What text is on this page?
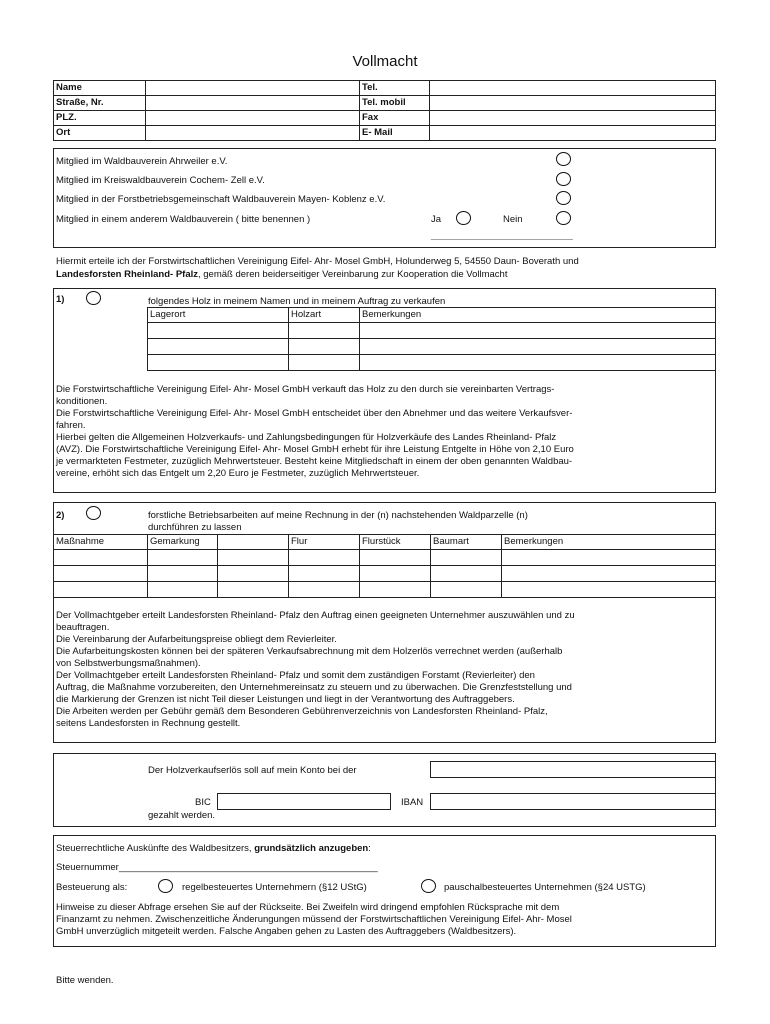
Vollmacht
Name		Tel.	
Straße, Nr.		Tel. mobil	
PLZ.		Fax	
Ort		E- Mail	
Mitglied im Waldbauverein Ahrweiler e.V.
Mitglied im Kreiswaldbauverein Cochem- Zell e.V.
Mitglied in der Forstbetriebsgemeinschaft Waldbauverein Mayen- Koblenz e.V.
Mitglied in einem anderem Waldbauverein ( bitte benennen )	Ja	Nein
______________________________
Hiermit erteile ich der Forstwirtschaftlichen Vereinigung Eifel- Ahr- Mosel GmbH, Holunderweg 5, 54550 Daun- Boverath und
Landesforsten Rheinland- Pfalz, gemäß deren beiderseitiger Vereinbarung zur Kooperation die Vollmacht
1)	folgendes Holz in meinem Namen und in meinem Auftrag zu verkaufen
Lagerort	Holzart	Bemerkungen

Die Forstwirtschaftliche Vereinigung Eifel- Ahr- Mosel GmbH verkauft das Holz zu den durch sie vereinbarten Vertrags-
konditionen.
Die Forstwirtschaftliche Vereinigung Eifel- Ahr- Mosel GmbH entscheidet über den Abnehmer und das weitere Verkaufsver-
fahren.
Hierbei gelten die Allgemeinen Holzverkaufs- und Zahlungsbedingungen für Holzverkäufe des Landes Rheinland- Pfalz
(AVZ). Die Forstwirtschaftliche Vereinigung Eifel- Ahr- Mosel GmbH erhebt für ihre Leistung Entgelte in Höhe von 2,10 Euro
je vermarkteten Festmeter, zuzüglich Mehrwertsteuer. Besteht keine Mitgliedschaft in einem der oben genannten Waldbau-
vereine, erhöht sich das Entgelt um 2,20 Euro je Festmeter, zuzüglich Mehrwertsteuer.
2)	forstliche Betriebsarbeiten auf meine Rechnung in der (n) nachstehenden Waldparzelle (n)
durchführen zu lassen
Maßnahme	Gemarkung		Flur	Flurstück	Baumart	Bemerkungen

Der Vollmachtgeber erteilt Landesforsten Rheinland- Pfalz den Auftrag einen geeigneten Unternehmer auszuwählen und zu
beauftragen.
Die Vereinbarung der Aufarbeitungspreise obliegt dem Revierleiter.
Die Aufarbeitungskosten können bei der späteren Verkaufsabrechnung mit dem Holzerlös verrechnet werden (außerhalb
von Selbstwerbungsmaßnahmen).
Der Vollmachtgeber erteilt Landesforsten Rheinland- Pfalz und somit dem zuständigen Forstamt (Revierleiter) den
Auftrag, die Maßnahme vorzubereiten, den Unternehmereinsatz zu steuern und zu überwachen. Die Grenzfeststellung und
die Markierung der Grenzen ist nicht Teil dieser Leistungen und liegt in der Verantwortung des Auftraggebers.
Die Arbeiten werden per Gebühr gemäß dem Besonderen Gebührenverzeichnis von Landesforsten Rheinland- Pfalz,
seitens Landesforsten in Rechnung gestellt.
Der Holzverkaufserlös soll auf mein Konto bei der
BIC	IBAN
gezahlt werden.
Steuerrechtliche Auskünfte des Waldbesitzers, grundsätzlich anzugeben:
Steuernummer_________________________________________________
Besteuerung als:	regelbesteuertes Unternehmern (§12 UStG)	pauschalbesteuertes Unternehmen (§24 USTG)
Hinweise zu dieser Abfrage ersehen Sie auf der Rückseite. Bei Zweifeln wird dringend empfohlen Rücksprache mit dem
Finanzamt zu nehmen. Zwischenzeitliche Änderungungen müssend der Forstwirtschaftlichen Vereinigung Eifel- Ahr- Mosel
GmbH unverzüglich mitgeteilt werden. Falsche Angaben gehen zu Lasten des Auftraggebers (Waldbesitzers).
Bitte wenden.
